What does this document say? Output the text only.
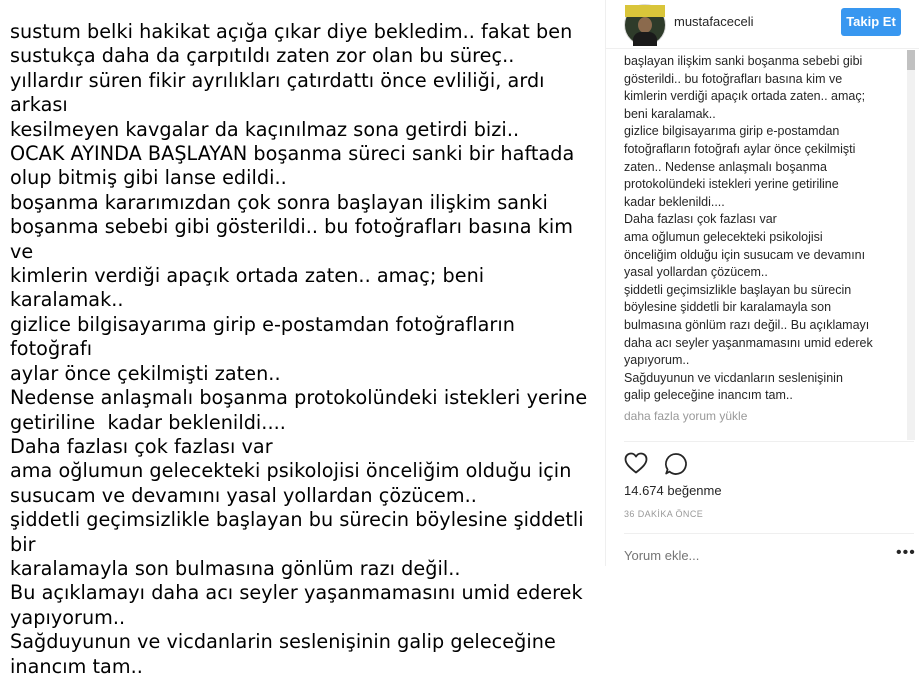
sustum belki hakikat açığa çıkar diye bekledim.. fakat ben
sustukça daha da çarpıtıldı zaten zor olan bu süreç..
yıllardır süren fikir ayrılıkları çatırdattı önce evliliği, ardı arkası
kesilmeyen kavgalar da kaçınılmaz sona getirdi bizi..
OCAK AYINDA BAŞLAYAN boşanma süreci sanki bir haftada
olup bitmiş gibi lanse edildi..
boşanma kararımızdan çok sonra başlayan ilişkim sanki
boşanma sebebi gibi gösterildi.. bu fotoğrafları basına kim ve
kimlerin verdiği apaçık ortada zaten.. amaç; beni karalamak..
gizlice bilgisayarıma girip e-postamdan fotoğrafların fotoğrafı
aylar önce çekilmişti zaten..
Nedense anlaşmalı boşanma protokolündeki istekleri yerine
getiriline  kadar beklenildi....
Daha fazlası çok fazlası var
ama oğlumun gelecekteki psikolojisi önceliğim olduğu için
susucam ve devamını yasal yollardan çözücem..
şiddetli geçimsizlikle başlayan bu sürecin böylesine şiddetli bir
karalamayla son bulmasına gönlüm razı değil..
Bu açıklamayı daha acı seyler yaşanmamasını umid ederek
yapıyorum..
Sağduyunun ve vicdanlarin seslenişinin galip geleceğine
inancım tam..
mustafaceceli	Takip Et
başlayan ilişkim sanki boşanma sebebi gibi
gösterildi.. bu fotoğrafları basına kim ve
kimlerin verdiği apaçık ortada zaten.. amaç;
beni karalamak..
gizlice bilgisayarıma girip e-postamdan
fotoğrafların fotoğrafı aylar önce çekilmişti
zaten.. Nedense anlaşmalı boşanma
protokolündeki istekleri yerine getiriline
kadar beklenildi....
Daha fazlası çok fazlası var
ama oğlumun gelecekteki psikolojisi
önceliğim olduğu için susucam ve devamını
yasal yollardan çözücem..
şiddetli geçimsizlikle başlayan bu sürecin
böylesine şiddetli bir karalamayla son
bulmasına gönlüm razı değil.. Bu açıklamayı
daha acı seyler yaşanmamasını umid ederek
yapıyorum..
Sağduyunun ve vicdanların seslenişinin
galip geleceğine inancım tam..
daha fazla yorum yükle
14.674 beğenme
36 DAKİKA ÖNCE
Yorum ekle...
•••
